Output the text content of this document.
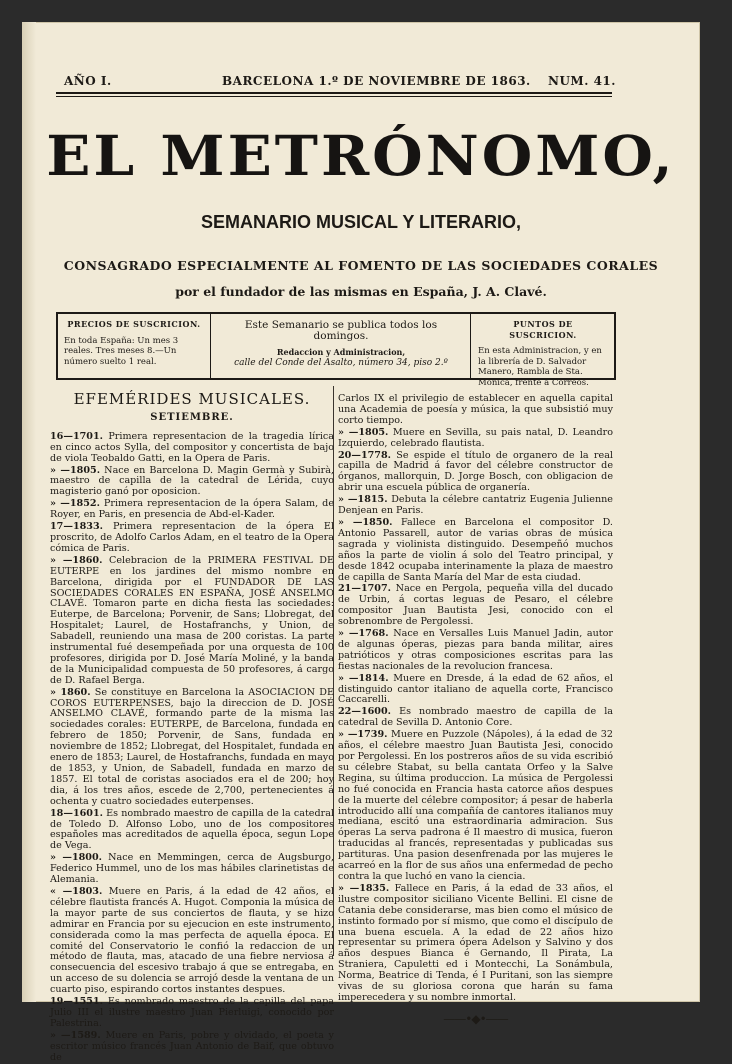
AÑO I.	BARCELONA 1.º DE NOVIEMBRE DE 1863. NUM. 41.
EL METRÓNOMO,
SEMANARIO MUSICAL Y LITERARIO,
CONSAGRADO ESPECIALMENTE AL FOMENTO DE LAS SOCIEDADES CORALES
por el fundador de las mismas en España, J. A. Clavé.
PRECIOS DE SUSCRICION.
En toda España: Un mes 3 reales. Tres meses 8.—Un número suelto 1 real.
Este Semanario se publica todos los domingos.
Redaccion y Administracion,
calle del Conde del Asalto, número 34, piso 2.º
PUNTOS DE SUSCRICION.
En esta Administracion, y en la librería de D. Salvador Manero, Rambla de Sta. Mónica, frente á Correos.
EFEMÉRIDES MUSICALES.
SETIEMBRE.
16—1701. Primera representacion de la tragedia lírica en cinco actos Sylla, del compositor y concertista de bajo de viola Teobaldo Gatti, en la Opera de Paris.
» —1805. Nace en Barcelona D. Magin Germà y Subirà, maestro de capilla de la catedral de Lérida, cuyo magisterio ganó por oposicion.
» —1852. Primera representacion de la ópera Salam, de Royer, en Paris, en presencia de Abd-el-Kader.
17—1833. Primera representacion de la ópera El proscrito, de Adolfo Carlos Adam, en el teatro de la Opera cómica de Paris.
» —1860. Celebracion de la PRIMERA FESTIVAL DE EUTERPE en los jardines del mismo nombre en Barcelona, dirigida por el FUNDADOR DE LAS SOCIEDADES CORALES EN ESPAÑA, JOSÉ ANSELMO CLAVÉ. Tomaron parte en dicha fiesta las sociedades: Euterpe, de Barcelona; Porvenir, de Sans; Llobregat, del Hospitalet; Laurel, de Hostafranchs, y Union, de Sabadell, reuniendo una masa de 200 coristas. La parte instrumental fué desempeñada por una orquesta de 100 profesores, dirigida por D. José María Moliné, y la banda de la Municipalidad compuesta de 50 profesores, á cargo de D. Rafael Berga.
» 1860. Se constituye en Barcelona la ASOCIACION DE COROS EUTERPENSES, bajo la direccion de D. JOSÉ ANSELMO CLAVÉ, formando parte de la misma las sociedades corales: EUTERPE, de Barcelona, fundada en febrero de 1850; Porvenir, de Sans, fundada en noviembre de 1852; Llobregat, del Hospitalet, fundada en enero de 1853; Laurel, de Hostafranchs, fundada en mayo de 1853, y Union, de Sabadell, fundada en marzo de 1857. El total de coristas asociados era el de 200; hoy dia, á los tres años, escede de 2,700, pertenecientes á ochenta y cuatro sociedades euterpenses.
18—1601. Es nombrado maestro de capilla de la catedral de Toledo D. Alfonso Lobo, uno de los compositores españoles mas acreditados de aquella época, segun Lope de Vega.
» —1800. Nace en Memmingen, cerca de Augsburgo, Federico Hummel, uno de los mas hábiles clarinetistas de Alemania.
« —1803. Muere en Paris, á la edad de 42 años, el célebre flautista francés A. Hugot. Componia la música de la mayor parte de sus conciertos de flauta, y se hizo admirar en Francia por su ejecucion en este instrumento, considerada como la mas perfecta de aquella época. El comité del Conservatorio le confió la redaccion de un método de flauta, mas, atacado de una fiebre nerviosa á consecuencia del escesivo trabajo á que se entregaba, en un acceso de su dolencia se arrojó desde la ventana de un cuarto piso, espirando cortos instantes despues.
19—1551. Es nombrado maestro de la capilla del papa Julio III el ilustre maestro Juan Pierluigi, conocido por Palestrina.
» —1589. Muere en Paris, pobre y olvidado, el poeta y escritor músico francés Juan Antonio de Baif, que obtuvo de
Carlos IX el privilegio de establecer en aquella capital una Academia de poesía y música, la que subsistió muy corto tiempo.
» —1805. Muere en Sevilla, su pais natal, D. Leandro Izquierdo, celebrado flautista.
20—1778. Se espide el título de organero de la real capilla de Madrid á favor del célebre constructor de órganos, mallorquin, D. Jorge Bosch, con obligacion de abrir una escuela pública de organería.
» —1815. Debuta la célebre cantatriz Eugenia Julienne Denjean en Paris.
» —1850. Fallece en Barcelona el compositor D. Antonio Passarell, autor de varias obras de música sagrada y violinista distinguido. Desempeñó muchos años la parte de violin á solo del Teatro principal, y desde 1842 ocupaba interinamente la plaza de maestro de capilla de Santa María del Mar de esta ciudad.
21—1707. Nace en Pergola, pequeña villa del ducado de Urbin, á cortas leguas de Pesaro, el célebre compositor Juan Bautista Jesi, conocido con el sobrenombre de Pergolessi.
» —1768. Nace en Versalles Luis Manuel Jadin, autor de algunas óperas, piezas para banda militar, aires patrióticos y otras composiciones escritas para las fiestas nacionales de la revolucion francesa.
» —1814. Muere en Dresde, á la edad de 62 años, el distinguido cantor italiano de aquella corte, Francisco Caccarelli.
22—1600. Es nombrado maestro de capilla de la catedral de Sevilla D. Antonio Core.
» —1739. Muere en Puzzole (Nápoles), á la edad de 32 años, el célebre maestro Juan Bautista Jesi, conocido por Pergolessi. En los postreros años de su vida escribió su célebre Stabat, su bella cantata Orfeo y la Salve Regina, su última produccion. La música de Pergolessi no fué conocida en Francia hasta catorce años despues de la muerte del célebre compositor; á pesar de haberla introducido allí una compañía de cantores italianos muy mediana, escitó una estraordinaria admiracion. Sus óperas La serva padrona é Il maestro di musica, fueron traducidas al francés, representadas y publicadas sus partituras. Una pasion desenfrenada por las mujeres le acarreó en la flor de sus años una enfermedad de pecho contra la que luchó en vano la ciencia.
» —1835. Fallece en Paris, á la edad de 33 años, el ilustre compositor siciliano Vicente Bellini. El cisne de Catania debe considerarse, mas bien como el músico de instinto formado por sí mismo, que como el discípulo de una buena escuela. A la edad de 22 años hizo representar su primera ópera Adelson y Salvino y dos años despues Bianca é Gernando, Il Pirata, La Straniera, Capuletti ed i Montecchi, La Sonámbula, Norma, Beatrice di Tenda, é I Puritani, son las siempre vivas de su gloriosa corona que harán su fama imperecedera y su nombre inmortal.
——•◆•——
